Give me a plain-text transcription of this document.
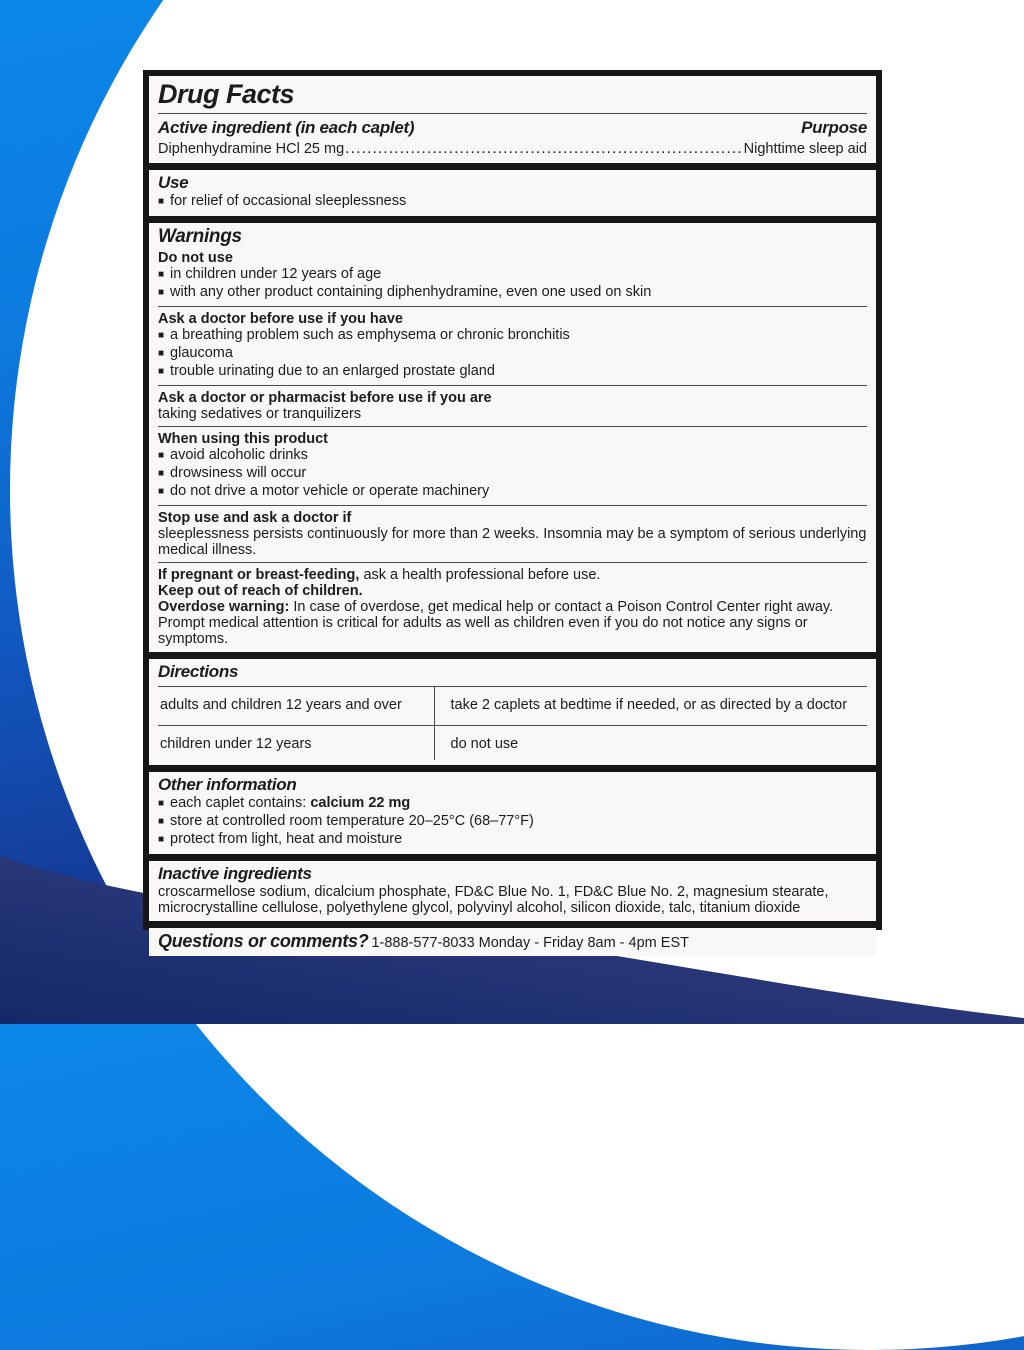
Drug Facts
Active ingredient (in each caplet)	Purpose
Diphenhydramine HCl 25 mg .....	Nighttime sleep aid
Use
■ for relief of occasional sleeplessness
Warnings
Do not use
■ in children under 12 years of age
■ with any other product containing diphenhydramine, even one used on skin
Ask a doctor before use if you have
■ a breathing problem such as emphysema or chronic bronchitis
■ glaucoma
■ trouble urinating due to an enlarged prostate gland
Ask a doctor or pharmacist before use if you are
taking sedatives or tranquilizers
When using this product
■ avoid alcoholic drinks
■ drowsiness will occur
■ do not drive a motor vehicle or operate machinery
Stop use and ask a doctor if
sleeplessness persists continuously for more than 2 weeks. Insomnia may be a symptom of serious underlying medical illness.
If pregnant or breast-feeding, ask a health professional before use.
Keep out of reach of children.
Overdose warning: In case of overdose, get medical help or contact a Poison Control Center right away. Prompt medical attention is critical for adults as well as children even if you do not notice any signs or symptoms.
Directions
adults and children 12 years and over	take 2 caplets at bedtime if needed, or as directed by a doctor
children under 12 years	do not use
Other information
■ each caplet contains: calcium 22 mg
■ store at controlled room temperature 20–25°C (68–77°F)
■ protect from light, heat and moisture
Inactive ingredients
croscarmellose sodium, dicalcium phosphate, FD&C Blue No. 1, FD&C Blue No. 2, magnesium stearate, microcrystalline cellulose, polyethylene glycol, polyvinyl alcohol, silicon dioxide, talc, titanium dioxide
Questions or comments? 1-888-577-8033 Monday - Friday 8am - 4pm EST
